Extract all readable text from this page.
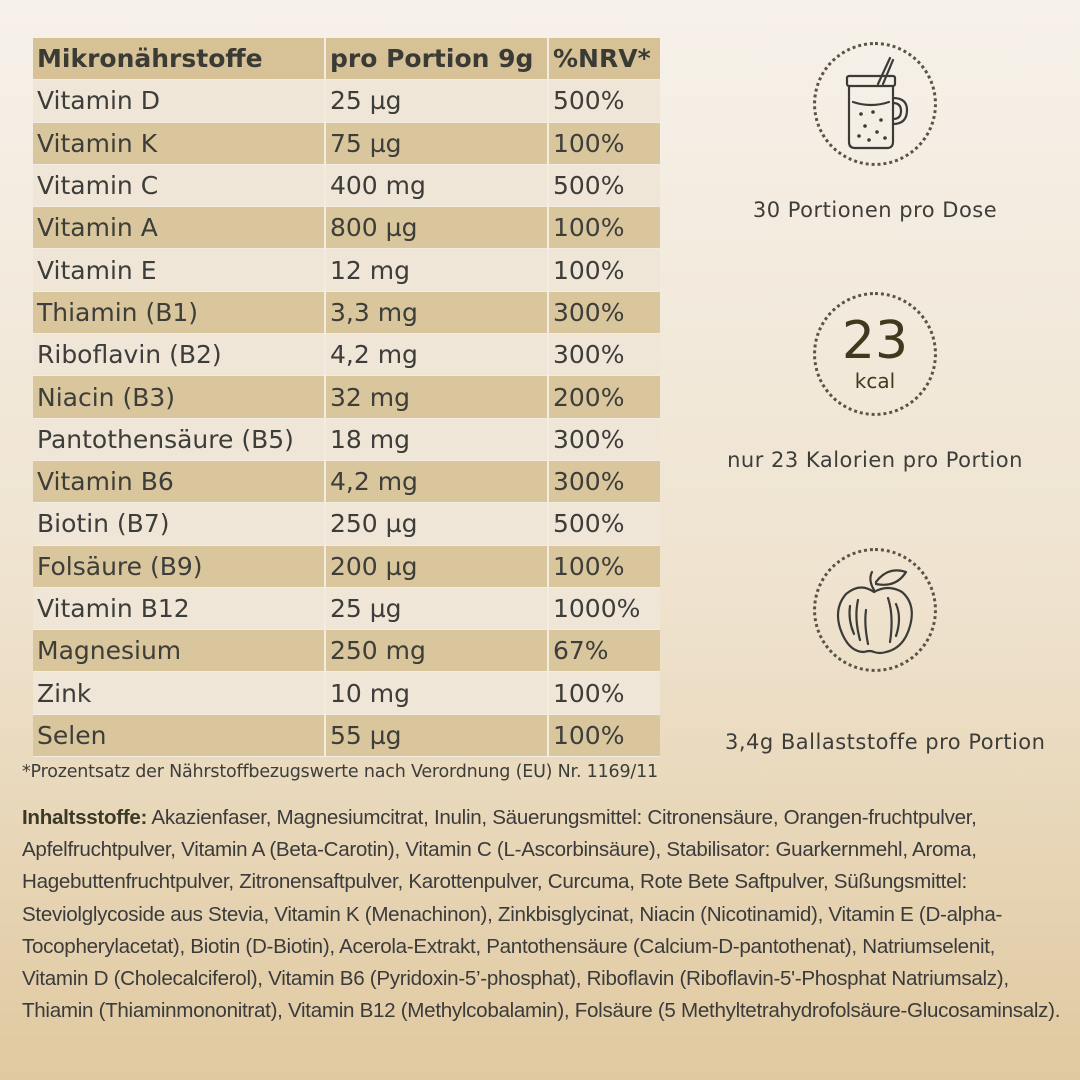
Mikronährstoffe	pro Portion 9g	%NRV*
Vitamin D	25 µg	500%
Vitamin K	75 µg	100%
Vitamin C	400 mg	500%
Vitamin A	800 µg	100%
Vitamin E	12 mg	100%
Thiamin (B1)	3,3 mg	300%
Riboflavin (B2)	4,2 mg	300%
Niacin (B3)	32 mg	200%
Pantothensäure (B5)	18 mg	300%
Vitamin B6	4,2 mg	300%
Biotin (B7)	250 µg	500%
Folsäure (B9)	200 µg	100%
Vitamin B12	25 µg	1000%
Magnesium	250 mg	67%
Zink	10 mg	100%
Selen	55 µg	100%
30 Portionen pro Dose
23
kcal
nur 23 Kalorien pro Portion
3,4g Ballaststoffe pro Portion
*Prozentsatz der Nährstoffbezugswerte nach Verordnung (EU) Nr. 1169/11
Inhaltsstoffe: Akazienfaser, Magnesiumcitrat, Inulin, Säuerungsmittel: Citronensäure, Orangen-fruchtpulver, Apfelfruchtpulver, Vitamin A (Beta-Carotin), Vitamin C (L-Ascorbinsäure), Stabilisator: Guarkernmehl, Aroma, Hagebuttenfruchtpulver, Zitronensaftpulver, Karottenpulver, Curcuma, Rote Bete Saftpulver, Süßungsmittel: Steviolglycoside aus Stevia, Vitamin K (Menachinon), Zinkbisglycinat, Niacin (Nicotinamid), Vitamin E (D-alpha-Tocopherylacetat), Biotin (D-Biotin), Acerola-Extrakt, Pantothensäure (Calcium-D-pantothenat), Natriumselenit, Vitamin D (Cholecalciferol), Vitamin B6 (Pyridoxin-5’-phosphat), Riboflavin (Riboflavin-5'-Phosphat Natriumsalz), Thiamin (Thiaminmononitrat), Vitamin B12 (Methylcobalamin), Folsäure (5 Methyltetrahydrofolsäure-Glucosaminsalz).
